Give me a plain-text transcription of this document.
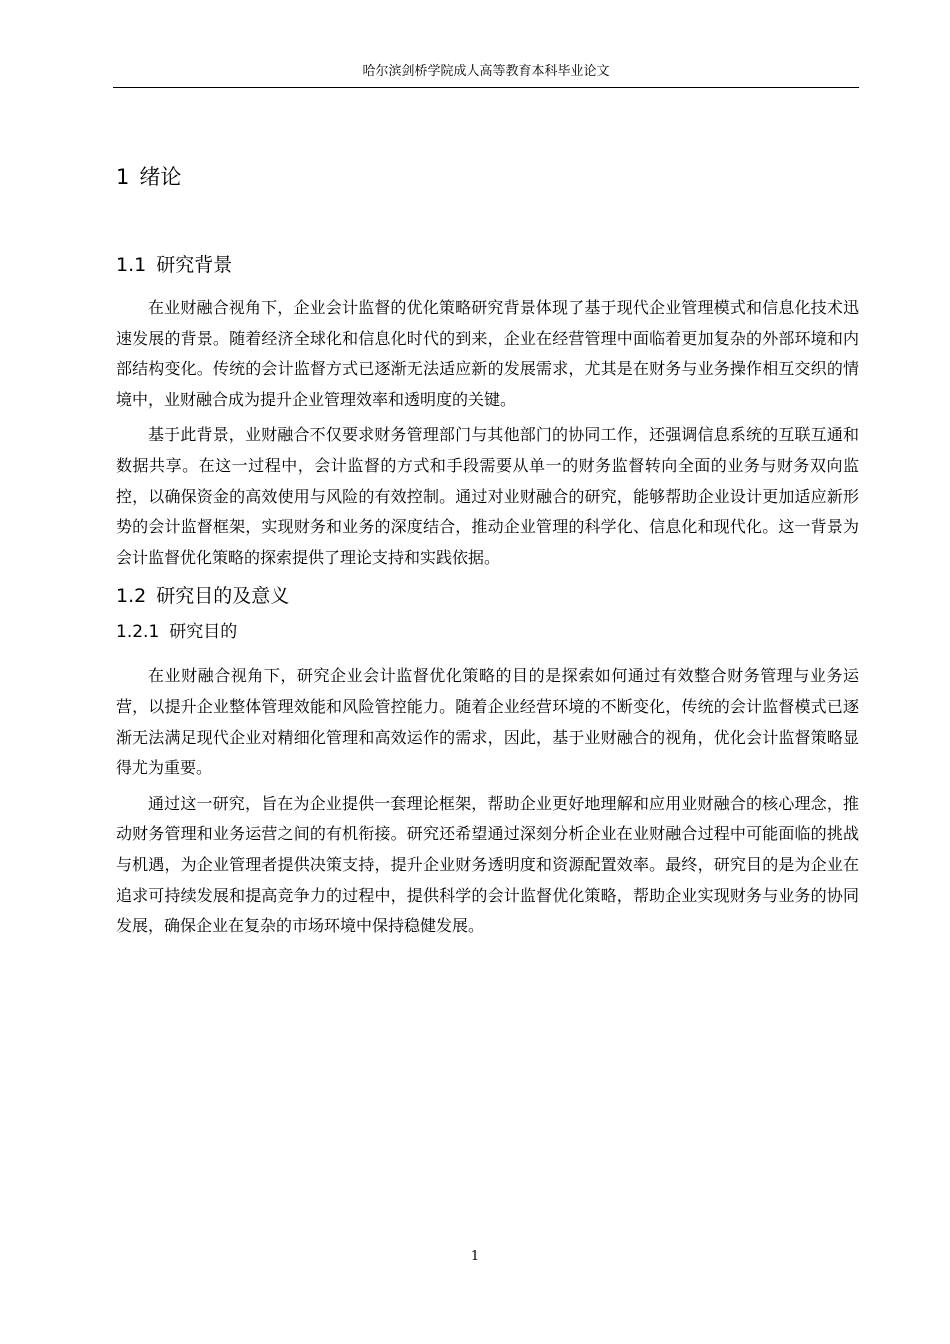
哈尔滨剑桥学院成人高等教育本科毕业论文
1 绪论
1.1 研究背景

在业财融合视角下，企业会计监督的优化策略研究背景体现了基于现代企业管理模式和信息化技术迅速发展的背景。随着经济全球化和信息化时代的到来，企业在经营管理中面临着更加复杂的外部环境和内部结构变化。传统的会计监督方式已逐渐无法适应新的发展需求，尤其是在财务与业务操作相互交织的情境中，业财融合成为提升企业管理效率和透明度的关键。

基于此背景，业财融合不仅要求财务管理部门与其他部门的协同工作，还强调信息系统的互联互通和数据共享。在这一过程中，会计监督的方式和手段需要从单一的财务监督转向全面的业务与财务双向监控，以确保资金的高效使用与风险的有效控制。通过对业财融合的研究，能够帮助企业设计更加适应新形势的会计监督框架，实现财务和业务的深度结合，推动企业管理的科学化、信息化和现代化。这一背景为会计监督优化策略的探索提供了理论支持和实践依据。

1.2 研究目的及意义
1.2.1 研究目的

在业财融合视角下，研究企业会计监督优化策略的目的是探索如何通过有效整合财务管理与业务运营，以提升企业整体管理效能和风险管控能力。随着企业经营环境的不断变化，传统的会计监督模式已逐渐无法满足现代企业对精细化管理和高效运作的需求，因此，基于业财融合的视角，优化会计监督策略显得尤为重要。

通过这一研究，旨在为企业提供一套理论框架，帮助企业更好地理解和应用业财融合的核心理念，推动财务管理和业务运营之间的有机衔接。研究还希望通过深刻分析企业在业财融合过程中可能面临的挑战与机遇，为企业管理者提供决策支持，提升企业财务透明度和资源配置效率。最终，研究目的是为企业在追求可持续发展和提高竞争力的过程中，提供科学的会计监督优化策略，帮助企业实现财务与业务的协同发展，确保企业在复杂的市场环境中保持稳健发展。

1
